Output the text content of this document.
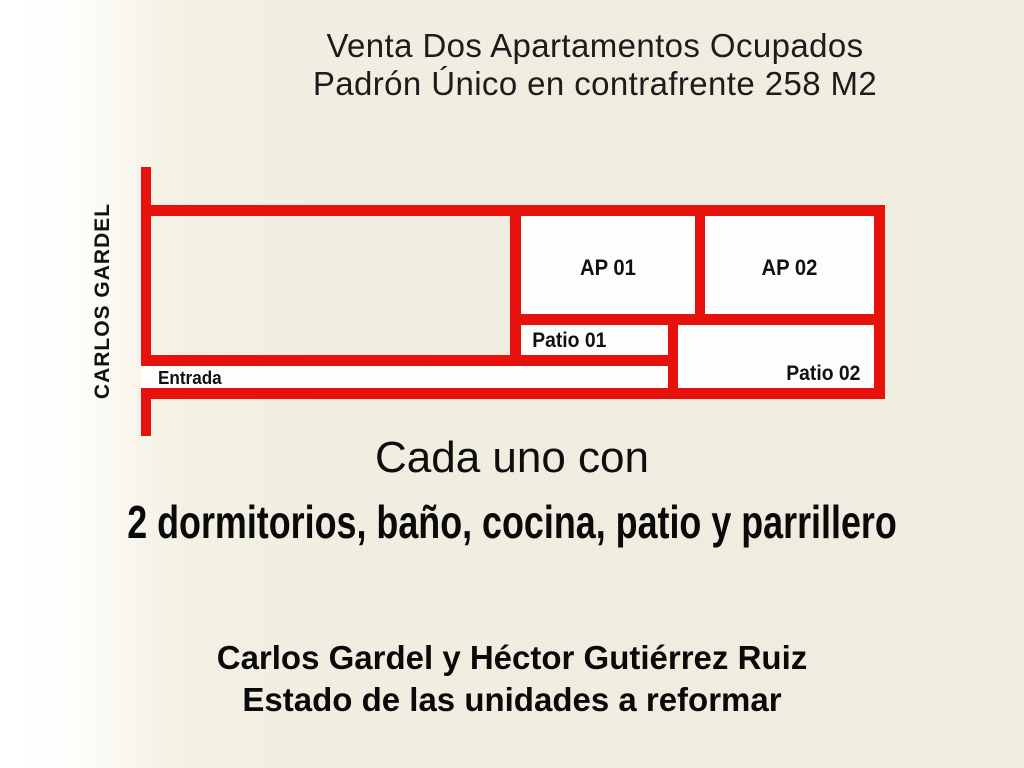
Venta Dos Apartamentos Ocupados
Padrón Único en contrafrente 258 M2
CARLOS GARDEL	AP 01	AP 02
Patio 01
Patio 02
Entrada
Cada uno con
2 dormitorios, baño, cocina, patio y parrillero
Carlos Gardel y Héctor Gutiérrez Ruiz
Estado de las unidades a reformar
